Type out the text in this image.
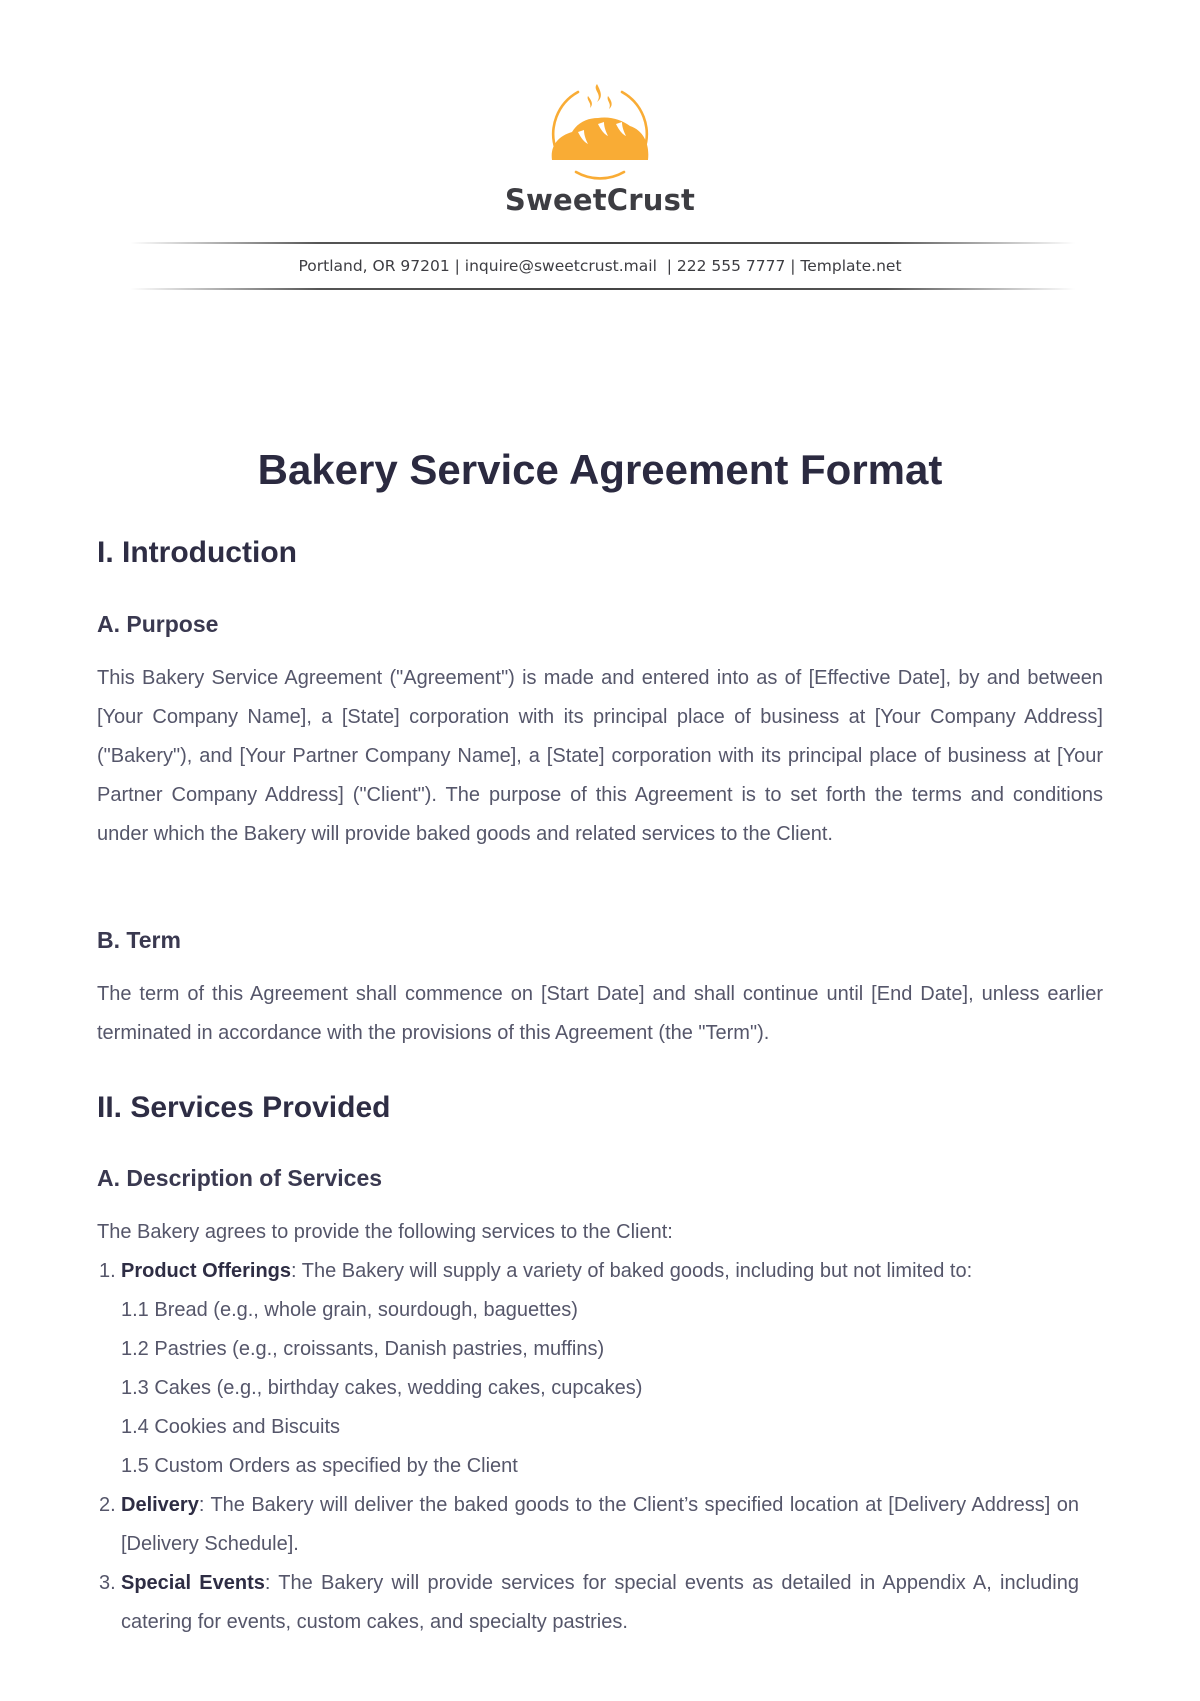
SweetCrust
Portland, OR 97201 | inquire@sweetcrust.mail  | 222 555 7777 | Template.net
Bakery Service Agreement Format
I. Introduction
A. Purpose

This Bakery Service Agreement ("Agreement") is made and entered into as of [Effective Date], by and between [Your Company Name], a [State] corporation with its principal place of business at [Your Company Address] ("Bakery"), and [Your Partner Company Name], a [State] corporation with its principal place of business at [Your Partner Company Address] ("Client"). The purpose of this Agreement is to set forth the terms and conditions under which the Bakery will provide baked goods and related services to the Client.

B. Term

The term of this Agreement shall commence on [Start Date] and shall continue until [End Date], unless earlier terminated in accordance with the provisions of this Agreement (the "Term").

II. Services Provided
A. Description of Services

The Bakery agrees to provide the following services to the Client:

1. Product Offerings: The Bakery will supply a variety of baked goods, including but not limited to:
1.1 Bread (e.g., whole grain, sourdough, baguettes)
1.2 Pastries (e.g., croissants, Danish pastries, muffins)
1.3 Cakes (e.g., birthday cakes, wedding cakes, cupcakes)
1.4 Cookies and Biscuits
1.5 Custom Orders as specified by the Client
2. Delivery: The Bakery will deliver the baked goods to the Client’s specified location at [Delivery Address] on [Delivery Schedule].
3. Special Events: The Bakery will provide services for special events as detailed in Appendix A, including catering for events, custom cakes, and specialty pastries.
